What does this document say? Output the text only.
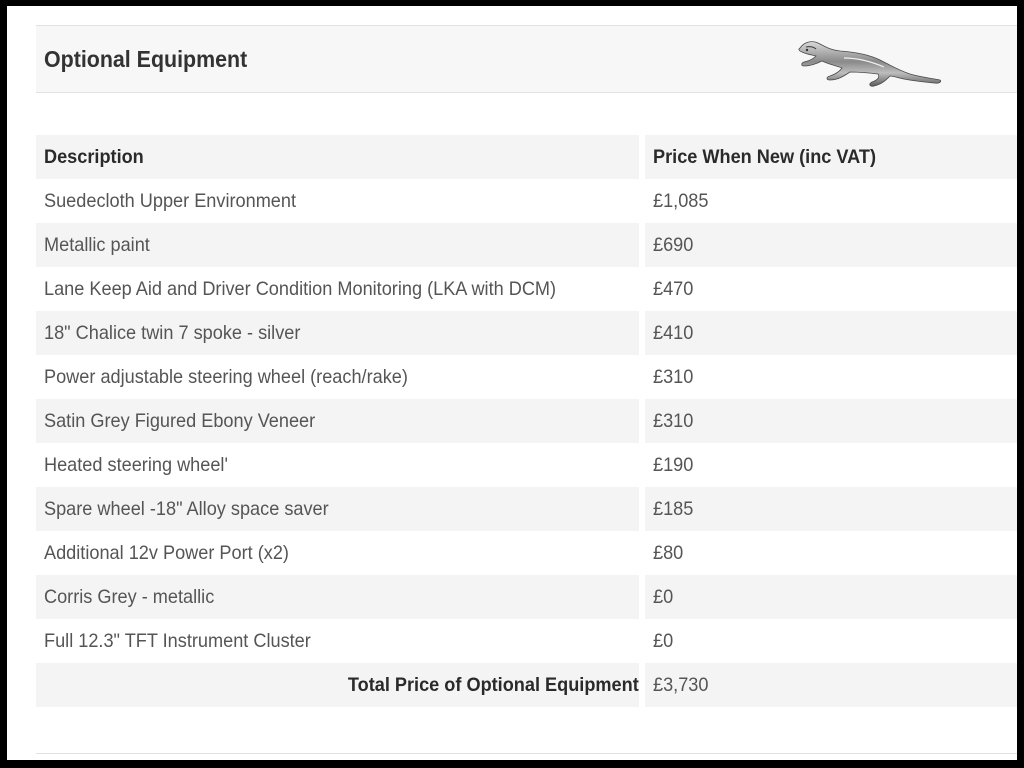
Optional Equipment
Description		Price When New (inc VAT)
Suedecloth Upper Environment		£1,085
Metallic paint		£690
Lane Keep Aid and Driver Condition Monitoring (LKA with DCM)		£470
18" Chalice twin 7 spoke - silver		£410
Power adjustable steering wheel (reach/rake)		£310
Satin Grey Figured Ebony Veneer		£310
Heated steering wheel'		£190
Spare wheel -18" Alloy space saver		£185
Additional 12v Power Port (x2)		£80
Corris Grey - metallic		£0
Full 12.3" TFT Instrument Cluster		£0
Total Price of Optional Equipment		£3,730
